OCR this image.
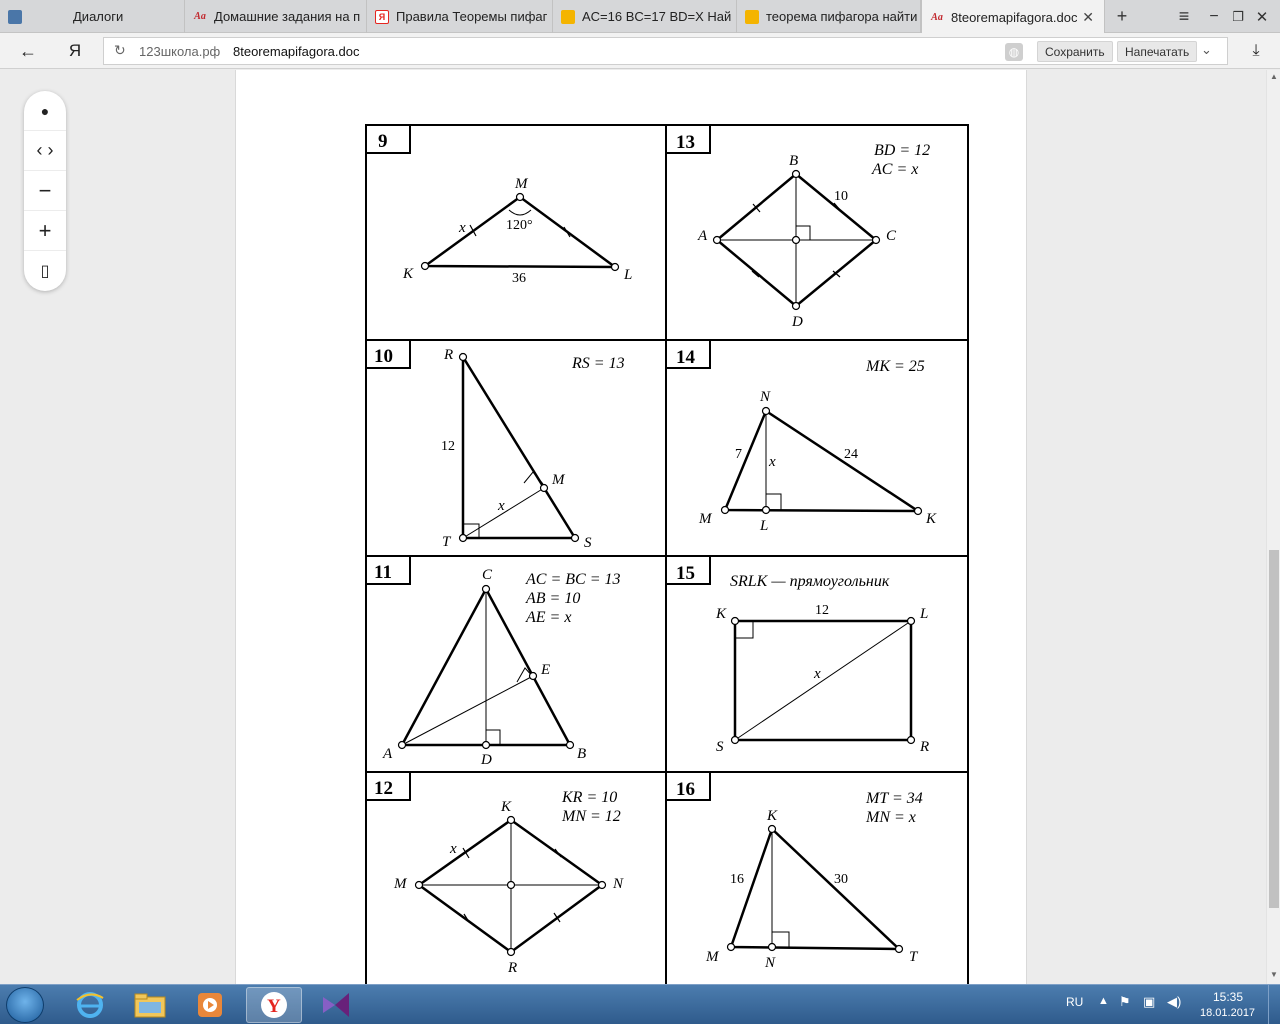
Диалоги	Aa Домашние задания на п	Я Правила Теоремы пифаг	AC=16 BC=17 BD=X Най	теорема пифагора найти Aa 8teoremapifagora.doc ✕	+	≡	−	❐ ✕
←	Я	↻ 123школа.рф 8teoremapifagora.doc	◍	Сохранить	Напечатать ⌄	⤓
9	13
10	14
11	15
12	16
M
K	L
x	120°
36
A
B
C
D
BD = 12
AC = x
10
R
T	S
M
x
RS = 13
12
N
M	L	K
x
MK = 25
7	24
C
A	B
D
E
AC = BC = 13
AB = 10
AE = x	K	L
S	R
x
SRLK — прямоугольник
12
K
M	N
R
x
KR = 10
MN = 12	K
M	N	T
MT = 34
MN = x
16	30
●
‹ ›
−
+
▯
▲
▼
Y	RU ▲ ⚑ ▣ ◀)	15:35
18.01.2017
